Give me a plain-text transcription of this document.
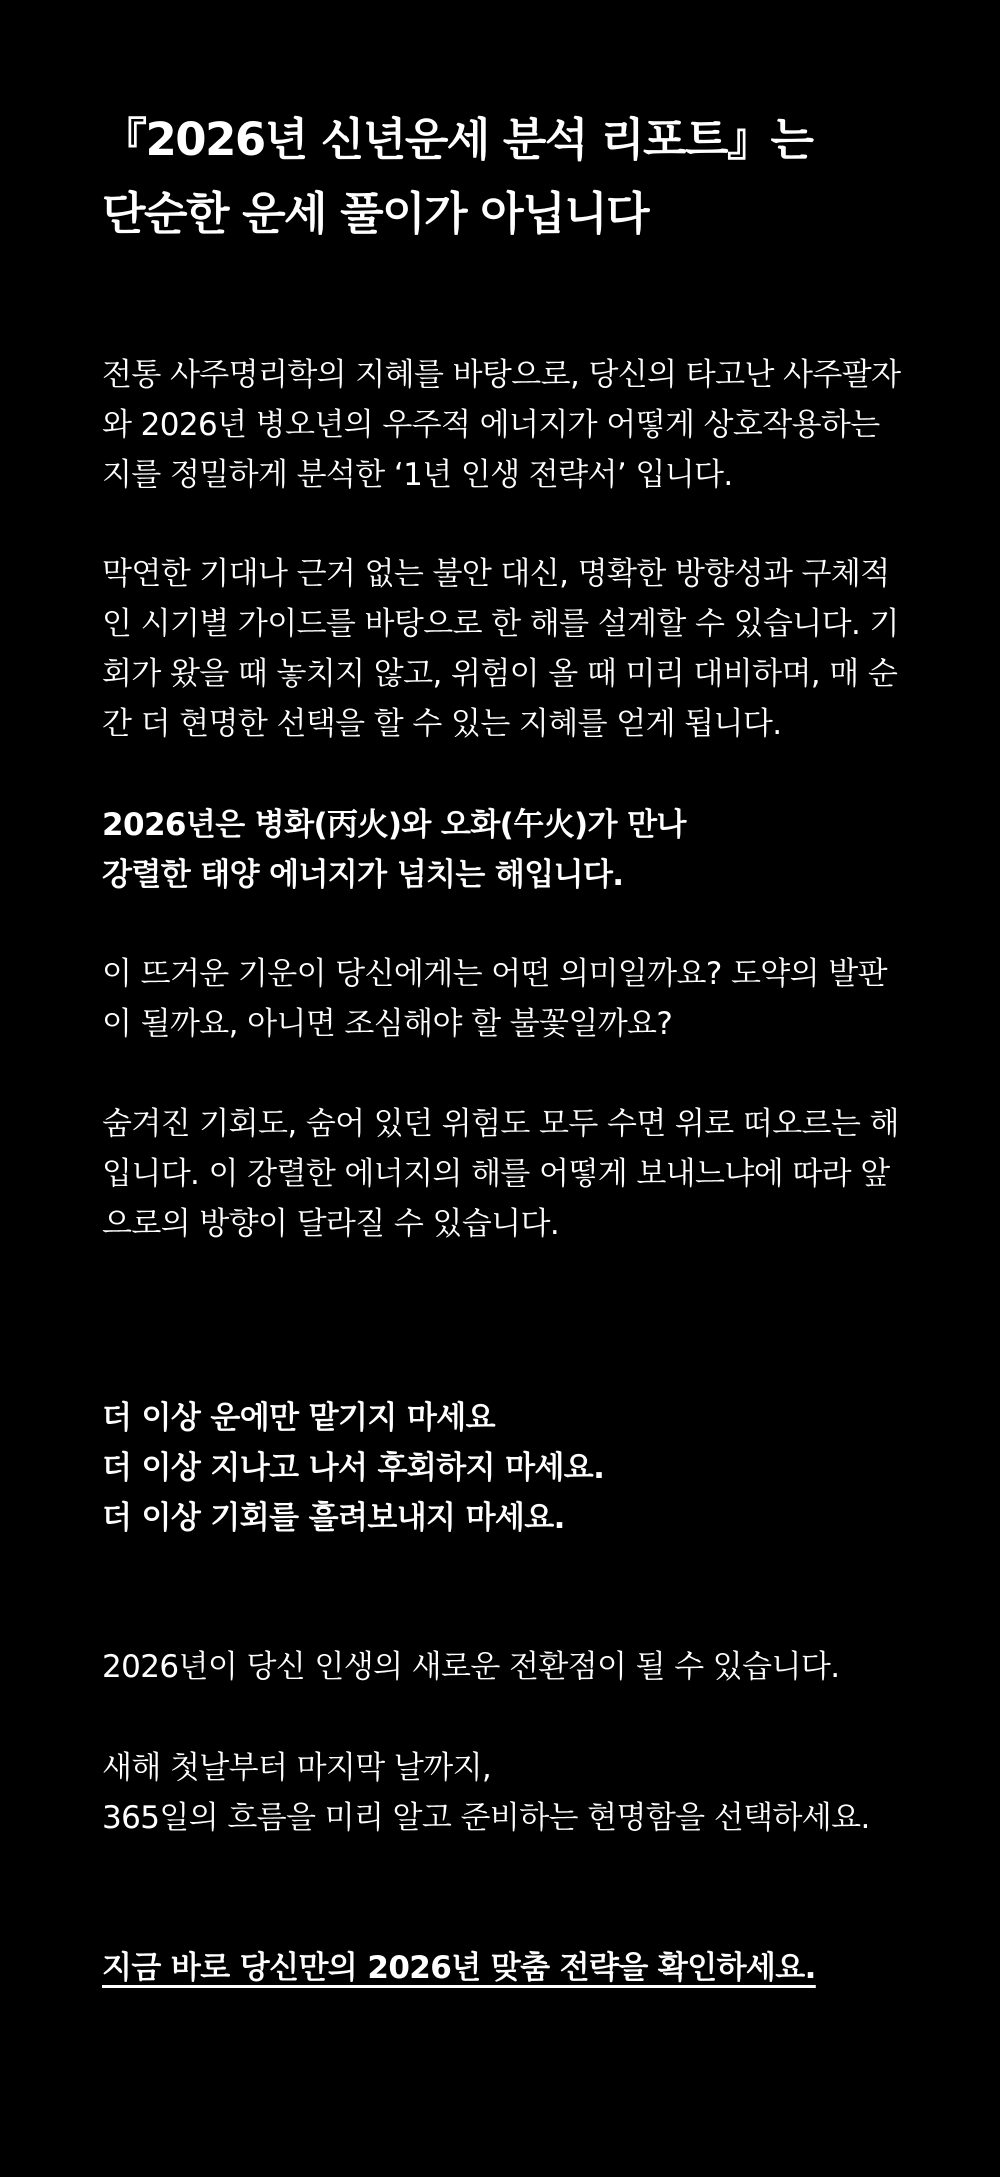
『2026년 신년운세 분석 리포트』는
단순한 운세 풀이가 아닙니다

전통 사주명리학의 지혜를 바탕으로, 당신의 타고난 사주팔자
와 2026년 병오년의 우주적 에너지가 어떻게 상호작용하는
지를 정밀하게 분석한 ‘1년 인생 전략서’ 입니다.

막연한 기대나 근거 없는 불안 대신, 명확한 방향성과 구체적
인 시기별 가이드를 바탕으로 한 해를 설계할 수 있습니다. 기
회가 왔을 때 놓치지 않고, 위험이 올 때 미리 대비하며, 매 순
간 더 현명한 선택을 할 수 있는 지혜를 얻게 됩니다.

2026년은 병화(丙火)와 오화(午火)가 만나
강렬한 태양 에너지가 넘치는 해입니다.

이 뜨거운 기운이 당신에게는 어떤 의미일까요? 도약의 발판
이 될까요, 아니면 조심해야 할 불꽃일까요?

숨겨진 기회도, 숨어 있던 위험도 모두 수면 위로 떠오르는 해
입니다. 이 강렬한 에너지의 해를 어떻게 보내느냐에 따라 앞
으로의 방향이 달라질 수 있습니다.

더 이상 운에만 맡기지 마세요
더 이상 지나고 나서 후회하지 마세요.
더 이상 기회를 흘려보내지 마세요.

2026년이 당신 인생의 새로운 전환점이 될 수 있습니다.

새해 첫날부터 마지막 날까지,
365일의 흐름을 미리 알고 준비하는 현명함을 선택하세요.

지금 바로 당신만의 2026년 맞춤 전략을 확인하세요.
